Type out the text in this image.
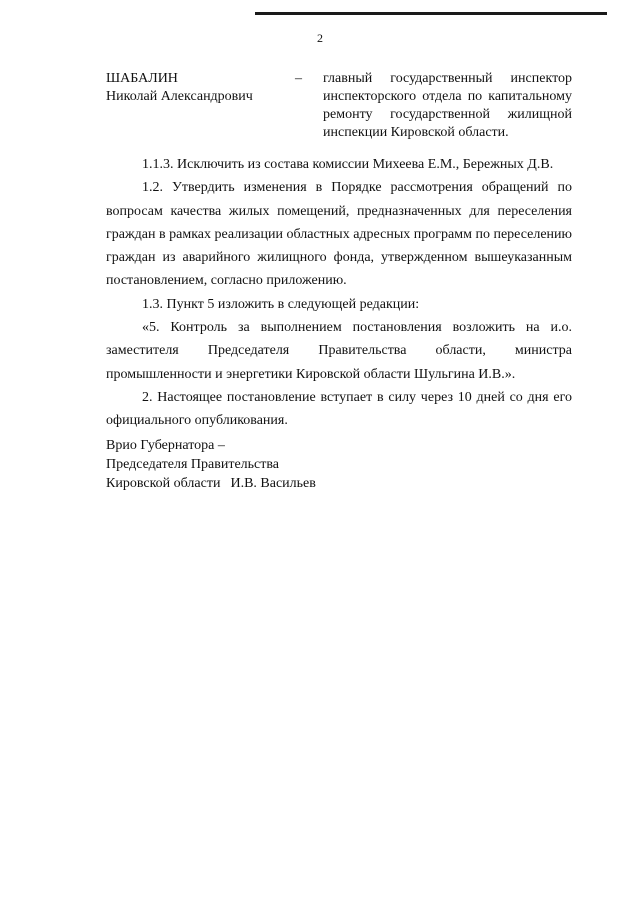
2
ШАБАЛИН
Николай Александрович
– главный государственный инспектор инспекторского отдела по капитальному ремонту государственной жилищной инспекции Кировской области.

1.1.3. Исключить из состава комиссии Михеева Е.М., Бережных Д.В.

1.2. Утвердить изменения в Порядке рассмотрения обращений по вопросам качества жилых помещений, предназначенных для переселения граждан в рамках реализации областных адресных программ по переселению граждан из аварийного жилищного фонда, утвержденном вышеуказанным постановлением, согласно приложению.

1.3. Пункт 5 изложить в следующей редакции:

«5. Контроль за выполнением постановления возложить на и.о. заместителя Председателя Правительства области, министра промышленности и энергетики Кировской области Шульгина И.В.».

2. Настоящее постановление вступает в силу через 10 дней со дня его официального опубликования.

Врио Губернатора –
Председателя Правительства
Кировской области И.В. Васильев
